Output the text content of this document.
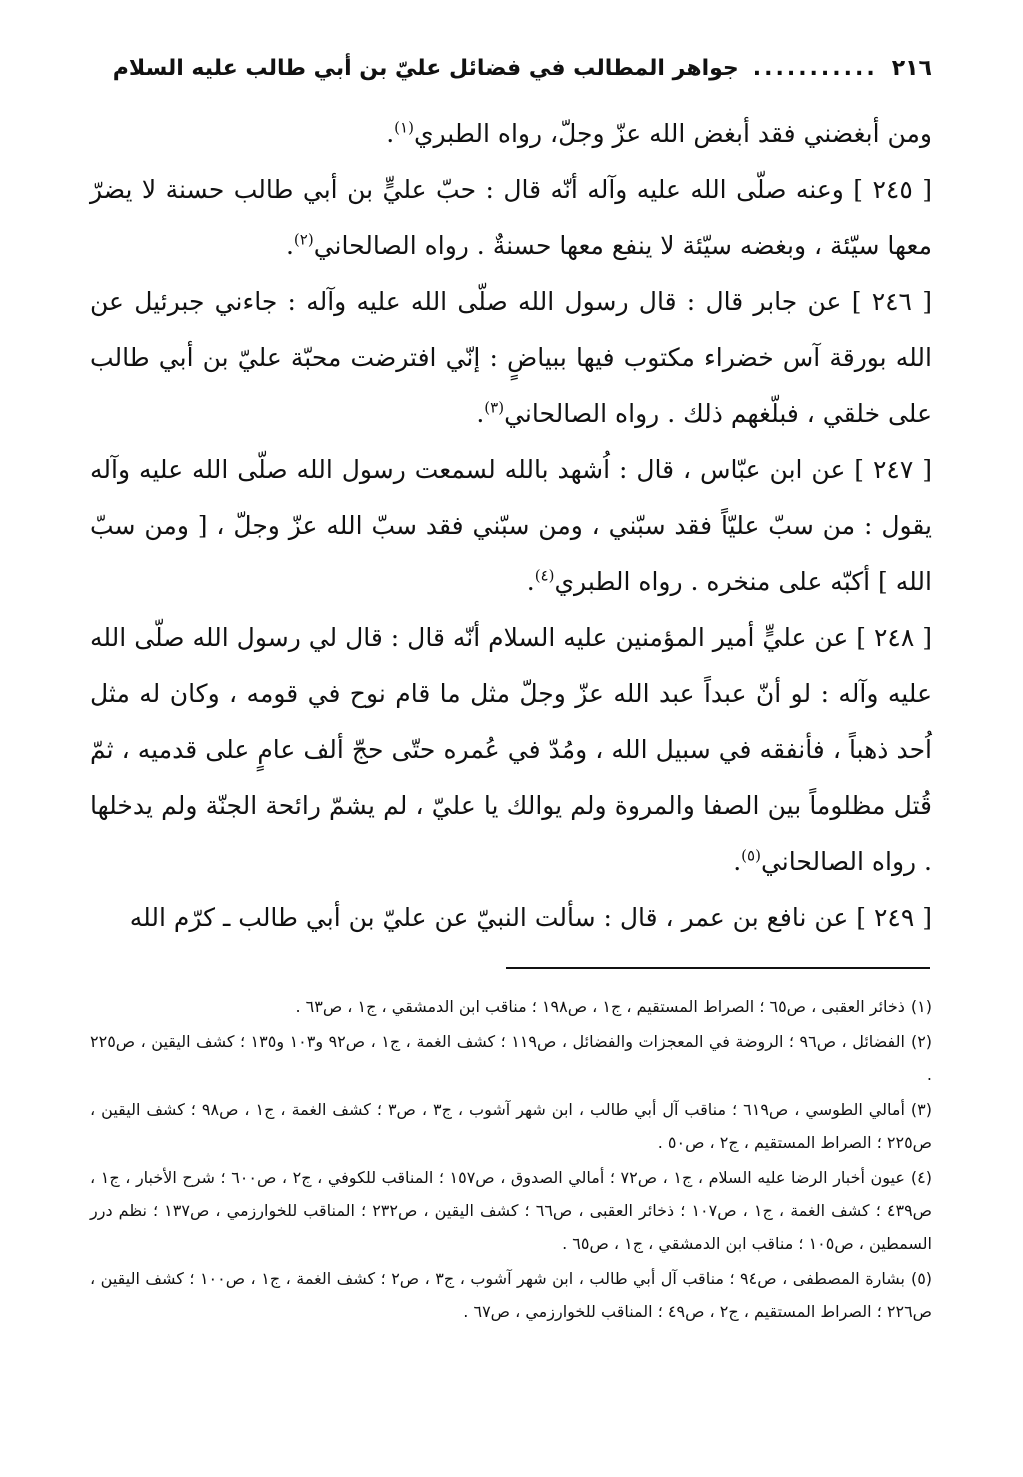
٢١٦
...........
جواهر المطالب في فضائل عليّ بن أبي طالب عليه السلام

ومن أبغضني فقد أبغض الله عزّ وجلّ، رواه الطبري$^{(١)}$.

[ ٢٤٥ ] وعنه صلّى الله عليه وآله أنّه قال : حبّ عليٍّ بن أبي طالب حسنة لا يضرّ معها سيّئة ، وبغضه سيّئة لا ينفع معها حسنةٌ . رواه الصالحاني$^{(٢)}$.

[ ٢٤٦ ] عن جابر قال : قال رسول الله صلّى الله عليه وآله : جاءني جبرئيل عن الله بورقة آس خضراء مكتوب فيها ببياضٍ : إنّي افترضت محبّة عليّ بن أبي طالب على خلقي ، فبلّغهم ذلك . رواه الصالحاني$^{(٣)}$.

[ ٢٤٧ ] عن ابن عبّاس ، قال : اُشهد بالله لسمعت رسول الله صلّى الله عليه وآله يقول : من سبّ عليّاً فقد سبّني ، ومن سبّني فقد سبّ الله عزّ وجلّ ، [ ومن سبّ الله ] أكبّه على منخره . رواه الطبري$^{(٤)}$.

[ ٢٤٨ ] عن عليٍّ أمير المؤمنين عليه السلام أنّه قال : قال لي رسول الله صلّى الله عليه وآله : لو أنّ عبداً عبد الله عزّ وجلّ مثل ما قام نوح في قومه ، وكان له مثل اُحد ذهباً ، فأنفقه في سبيل الله ، ومُدّ في عُمره حتّى حجّ ألف عامٍ على قدميه ، ثمّ قُتل مظلوماً بين الصفا والمروة ولم يوالك يا عليّ ، لم يشمّ رائحة الجنّة ولم يدخلها . رواه الصالحاني$^{(٥)}$.

[ ٢٤٩ ] عن نافع بن عمر ، قال : سألت النبيّ عن عليّ بن أبي طالب ـ كرّم الله

(١)ذخائر العقبى ، ص٦٥ ؛ الصراط المستقيم ، ج١ ، ص١٩٨ ؛ مناقب ابن الدمشقي ، ج١ ، ص٦٣ .

(٢)الفضائل ، ص٩٦ ؛ الروضة في المعجزات والفضائل ، ص١١٩ ؛ كشف الغمة ، ج١ ، ص٩٢ و١٠٣ و١٣٥ ؛ كشف اليقين ، ص٢٢٥ .

(٣)أمالي الطوسي ، ص٦١٩ ؛ مناقب آل أبي طالب ، ابن شهر آشوب ، ج٣ ، ص٣ ؛ كشف الغمة ، ج١ ، ص٩٨ ؛ كشف اليقين ، ص٢٢٥ ؛ الصراط المستقيم ، ج٢ ، ص٥٠ .

(٤)عيون أخبار الرضا عليه السلام ، ج١ ، ص٧٢ ؛ أمالي الصدوق ، ص١٥٧ ؛ المناقب للكوفي ، ج٢ ، ص٦٠٠ ؛ شرح الأخبار ، ج١ ، ص٤٣٩ ؛ كشف الغمة ، ج١ ، ص١٠٧ ؛ ذخائر العقبى ، ص٦٦ ؛ كشف اليقين ، ص٢٣٢ ؛ المناقب للخوارزمي ، ص١٣٧ ؛ نظم درر السمطين ، ص١٠٥ ؛ مناقب ابن الدمشقي ، ج١ ، ص٦٥ .

(٥)بشارة المصطفى ، ص٩٤ ؛ مناقب آل أبي طالب ، ابن شهر آشوب ، ج٣ ، ص٢ ؛ كشف الغمة ، ج١ ، ص١٠٠ ؛ كشف اليقين ، ص٢٢٦ ؛ الصراط المستقيم ، ج٢ ، ص٤٩ ؛ المناقب للخوارزمي ، ص٦٧ .
